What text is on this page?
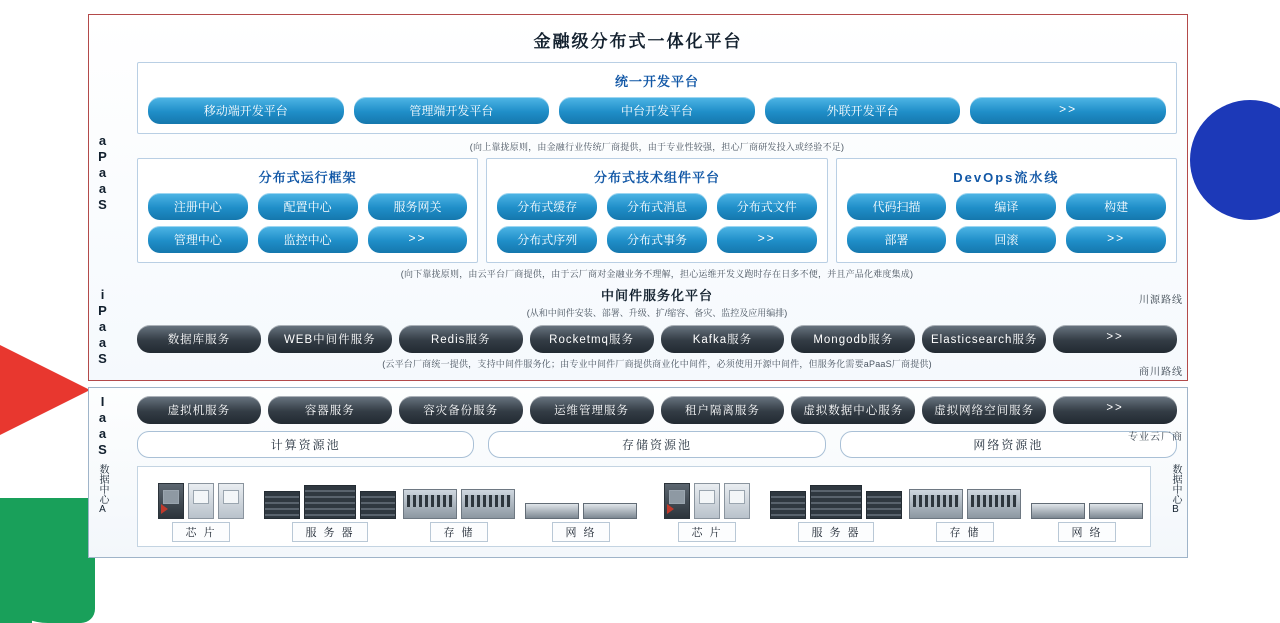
金融级分布式一体化平台
aPaaS
iPaaS	川源路线
商川路线
统一开发平台
移动端开发平台	管理端开发平台	中台开发平台	外联开发平台	>>
(向上靠拢原则，由金融行业传统厂商提供，由于专业性较强，担心厂商研发投入或经验不足)
分布式运行框架
注册中心	配置中心	服务网关
管理中心	监控中心	>>
分布式技术组件平台
分布式缓存	分布式消息	分布式文件
分布式序列	分布式事务	>>
DevOps流水线
代码扫描	编译	构建
部署	回滚	>>
(向下靠拢原则，由云平台厂商提供，由于云厂商对金融业务不理解，担心运维开发义跑时存在日多不便，并且产品化难度集成)
中间件服务化平台
(从和中间件安装、部署、升级、扩/缩容、备灾、监控及应用编排)
数据库服务	WEB中间件服务	Redis服务	Rocketmq服务	Kafka服务	Mongodb服务	Elasticsearch服务	>>
(云平台厂商统一提供，支持中间件服务化；由专业中间件厂商提供商业化中间件，必须使用开源中间件，但服务化需要aPaaS厂商提供)
IaaS
数据中心A	数据中心B
专业云厂商
虚拟机服务	容器服务	容灾备份服务	运维管理服务	租户隔离服务	虚拟数据中心服务	虚拟网络空间服务	>>
计算资源池	存储资源池	网络资源池
芯 片	服 务 器	存 储	网 络	芯 片	服 务 器	存 储	网 络
